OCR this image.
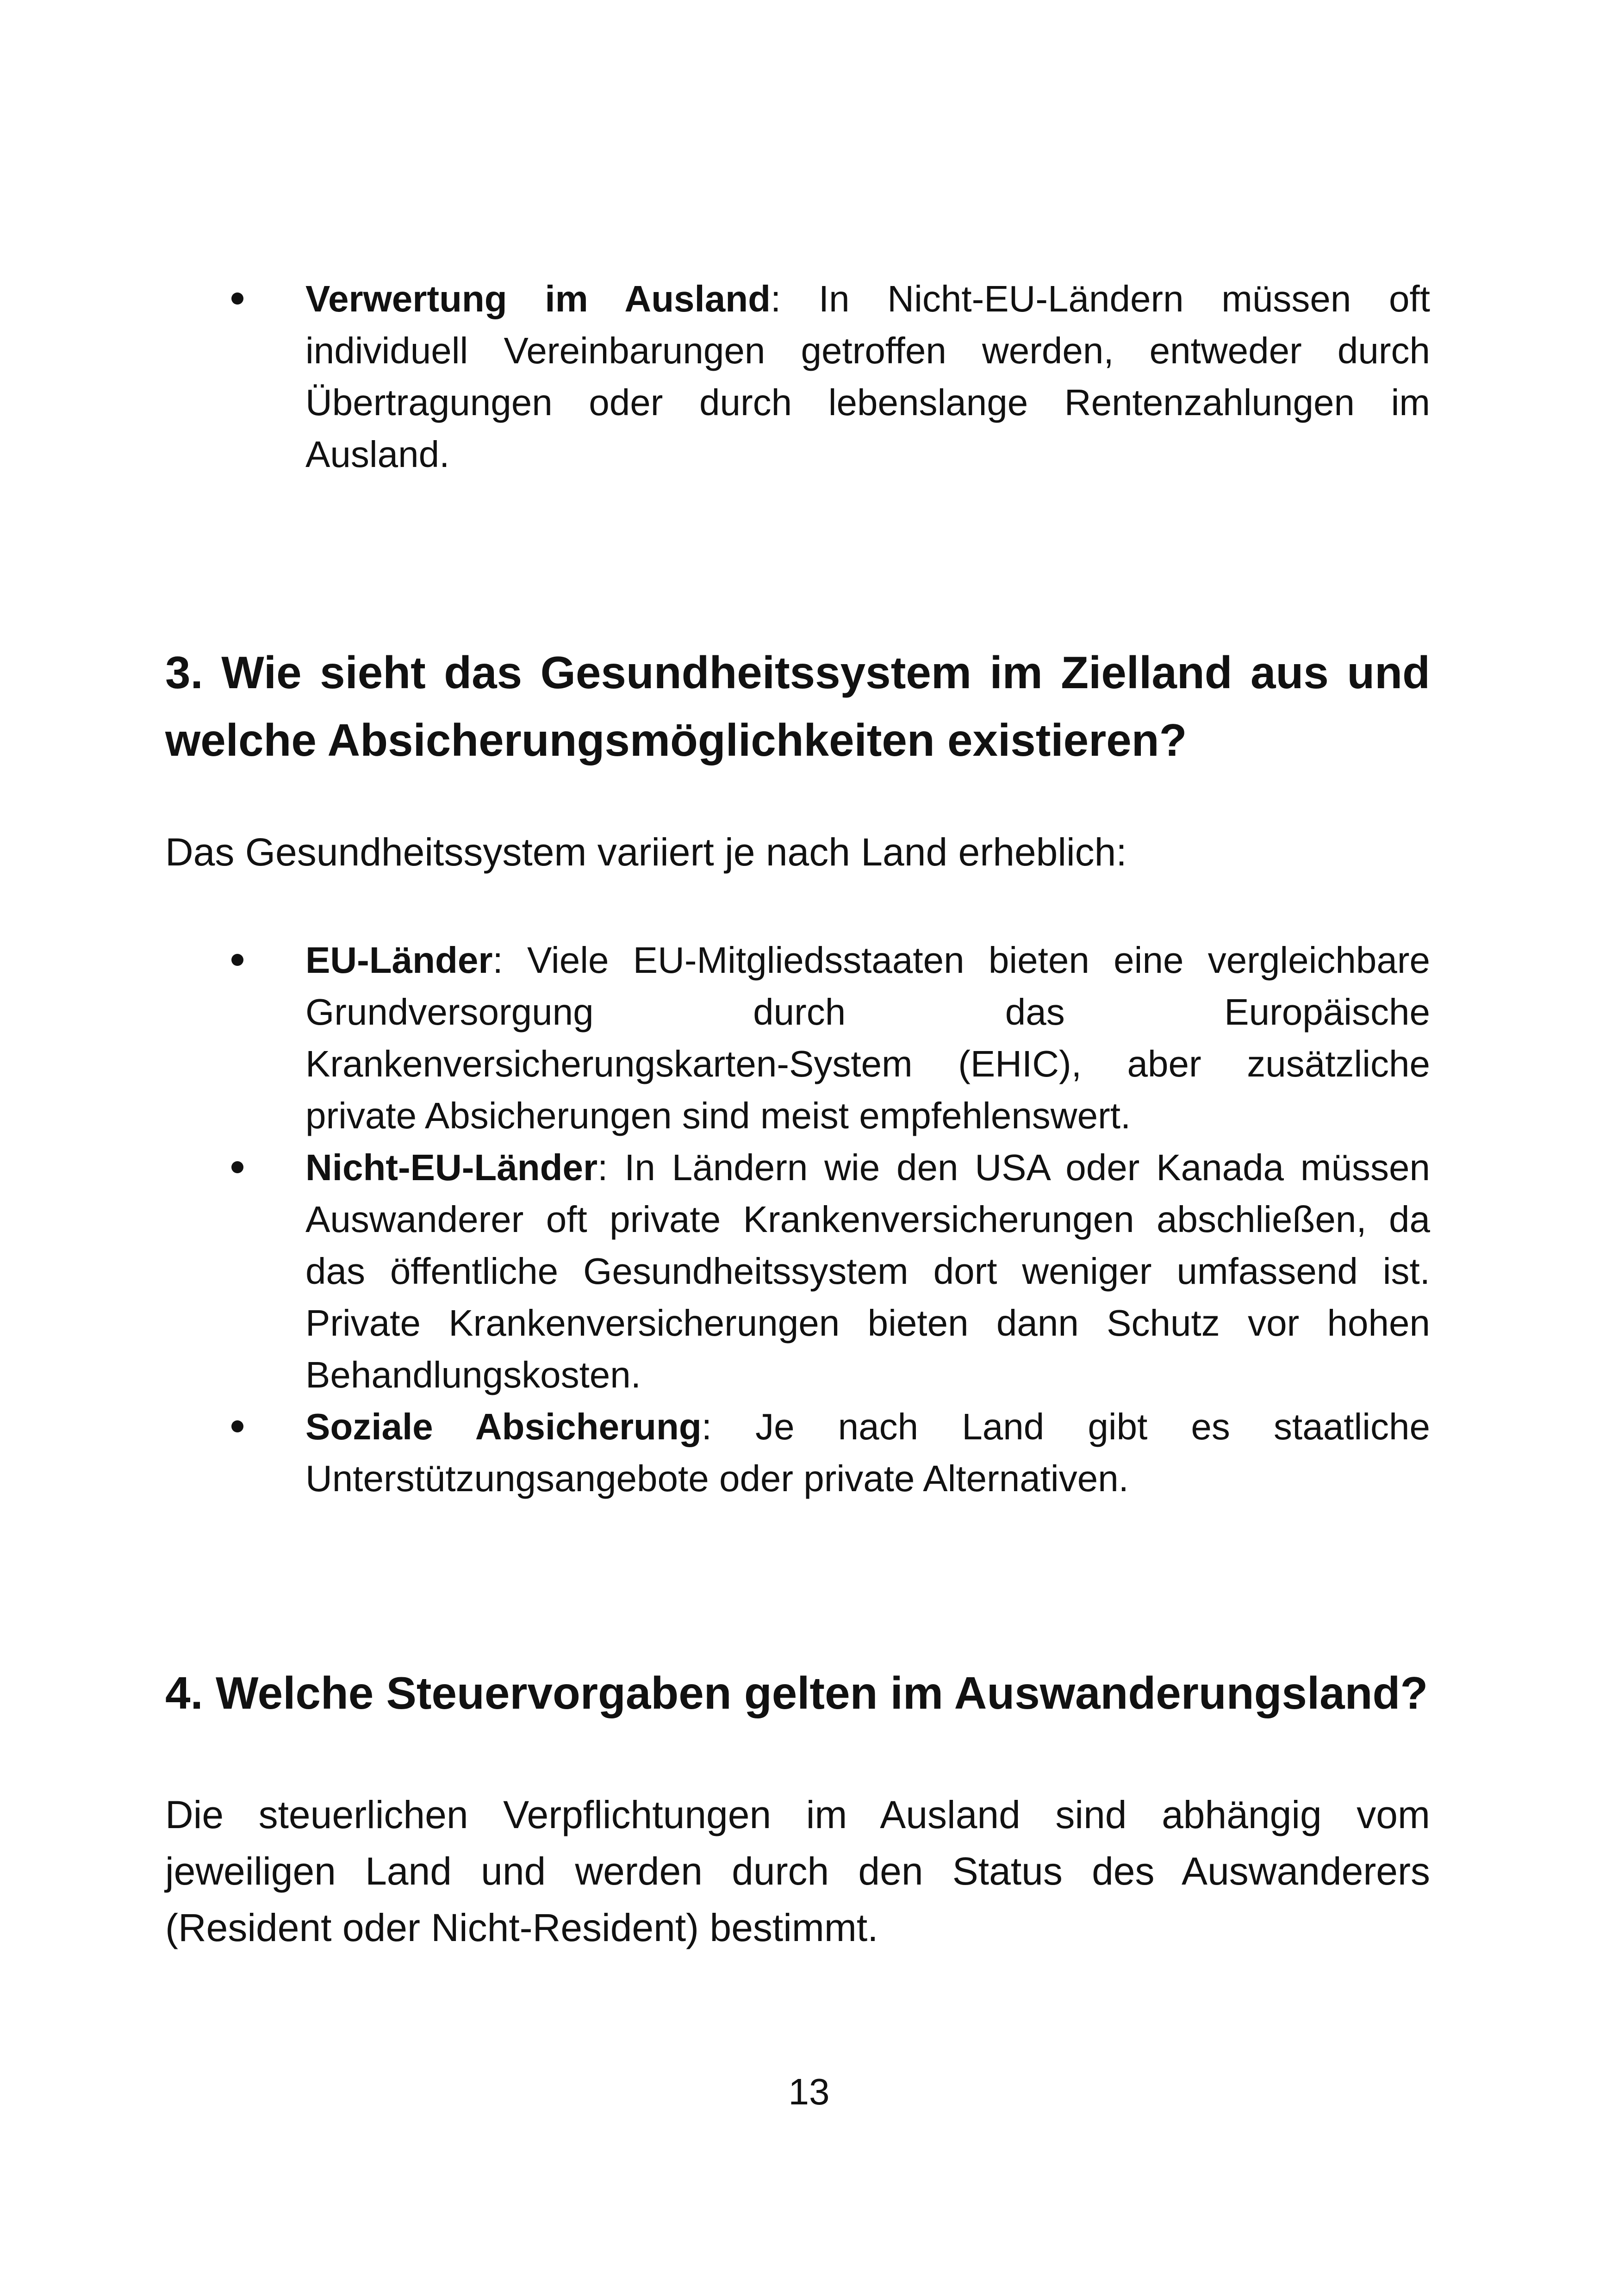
Verwertung im Ausland: In Nicht-EU-Ländern müssen oft individuell Vereinbarungen getroffen werden, entweder durch Übertragungen oder durch lebenslange Rentenzahlungen im Ausland.
3. Wie sieht das Gesundheitssystem im Zielland aus und welche Absicherungsmöglichkeiten existieren?

Das Gesundheitssystem variiert je nach Land erheblich:

EU-Länder: Viele EU-Mitgliedsstaaten bieten eine vergleichbare Grundversorgung durch das Europäische Krankenversicherungskarten-System (EHIC), aber zusätzliche private Absicherungen sind meist empfehlenswert.
Nicht-EU-Länder: In Ländern wie den USA oder Kanada müssen Auswanderer oft private Krankenversicherungen abschließen, da das öffentliche Gesundheitssystem dort weniger umfassend ist. Private Krankenversicherungen bieten dann Schutz vor hohen Behandlungskosten.
Soziale Absicherung: Je nach Land gibt es staatliche Unterstützungsangebote oder private Alternativen.
4. Welche Steuervorgaben gelten im Auswanderungsland?

Die steuerlichen Verpflichtungen im Ausland sind abhängig vom jeweiligen Land und werden durch den Status des Auswanderers (Resident oder Nicht-Resident) bestimmt.

13
